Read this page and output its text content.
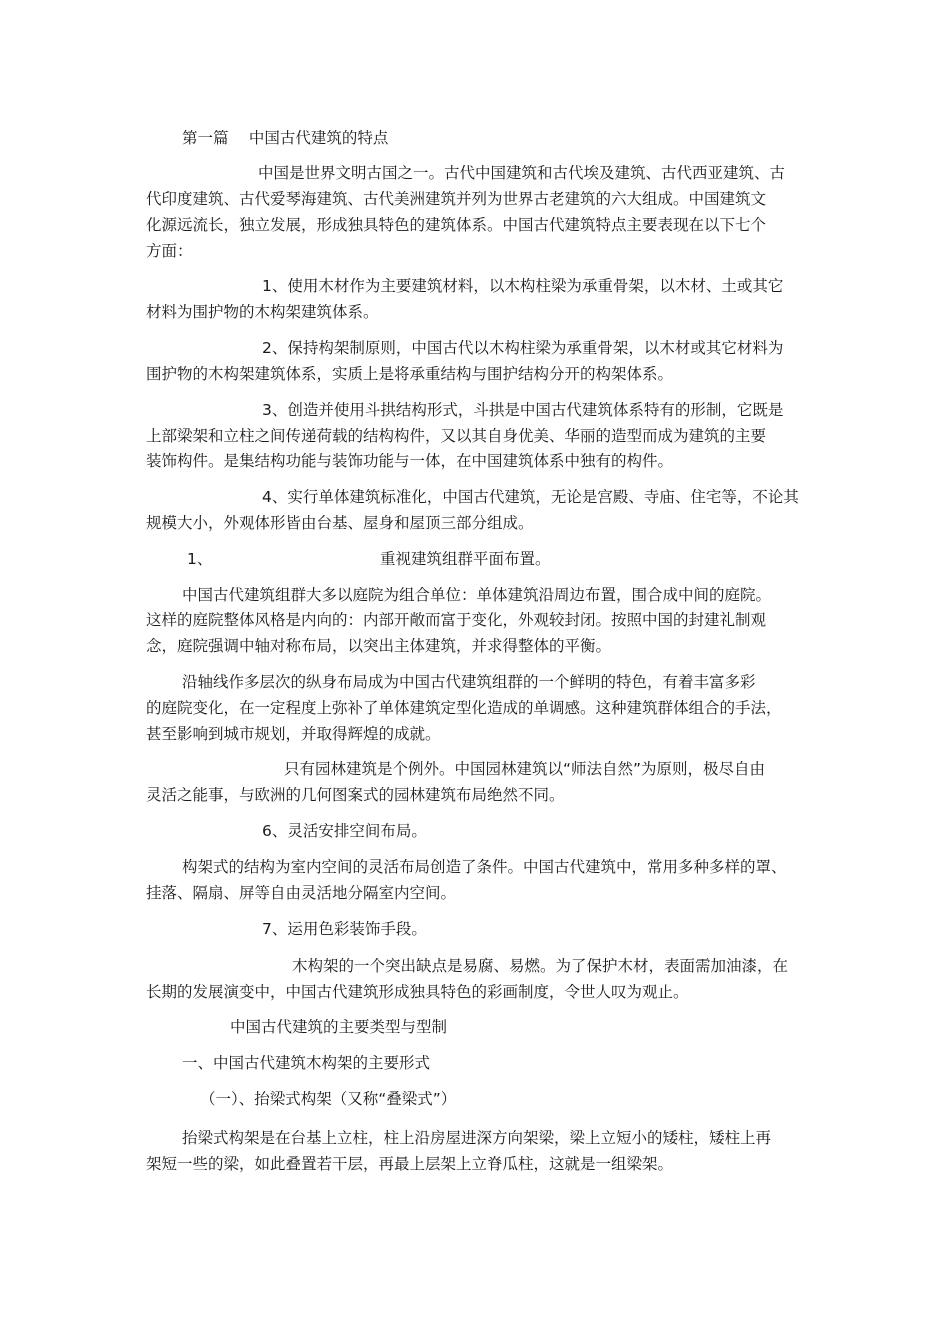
第一篇　 中国古代建筑的特点
中国是世界文明古国之一。古代中国建筑和古代埃及建筑、古代西亚建筑、古
代印度建筑、古代爱琴海建筑、古代美洲建筑并列为世界古老建筑的六大组成。中国建筑文
化源远流长，独立发展，形成独具特色的建筑体系。中国古代建筑特点主要表现在以下七个
方面：
1、使用木材作为主要建筑材料，以木构柱梁为承重骨架，以木材、土或其它
材料为围护物的木构架建筑体系。
2、保持构架制原则，中国古代以木构柱梁为承重骨架，以木材或其它材料为
围护物的木构架建筑体系，实质上是将承重结构与围护结构分开的构架体系。
3、创造并使用斗拱结构形式，斗拱是中国古代建筑体系特有的形制，它既是
上部梁架和立柱之间传递荷载的结构构件，又以其自身优美、华丽的造型而成为建筑的主要
装饰构件。是集结构功能与装饰功能与一体，在中国建筑体系中独有的构件。
4、实行单体建筑标准化，中国古代建筑，无论是宫殿、寺庙、住宅等，不论其
规模大小，外观体形皆由台基、屋身和屋顶三部分组成。
1、	重视建筑组群平面布置。
中国古代建筑组群大多以庭院为组合单位：单体建筑沿周边布置，围合成中间的庭院。
这样的庭院整体风格是内向的：内部开敞而富于变化，外观较封闭。按照中国的封建礼制观
念，庭院强调中轴对称布局，以突出主体建筑，并求得整体的平衡。
沿轴线作多层次的纵身布局成为中国古代建筑组群的一个鲜明的特色，有着丰富多彩
的庭院变化，在一定程度上弥补了单体建筑定型化造成的单调感。这种建筑群体组合的手法，
甚至影响到城市规划，并取得辉煌的成就。
只有园林建筑是个例外。中国园林建筑以“师法自然”为原则，极尽自由
灵活之能事，与欧洲的几何图案式的园林建筑布局绝然不同。
6、灵活安排空间布局。
构架式的结构为室内空间的灵活布局创造了条件。中国古代建筑中，常用多种多样的罩、
挂落、隔扇、屏等自由灵活地分隔室内空间。
7、运用色彩装饰手段。
木构架的一个突出缺点是易腐、易燃。为了保护木材，表面需加油漆，在
长期的发展演变中，中国古代建筑形成独具特色的彩画制度，令世人叹为观止。
中国古代建筑的主要类型与型制
一、中国古代建筑木构架的主要形式
（一）、抬梁式构架（又称“叠梁式”）
抬梁式构架是在台基上立柱，柱上沿房屋进深方向架梁，梁上立短小的矮柱，矮柱上再
架短一些的梁，如此叠置若干层，再最上层架上立脊瓜柱，这就是一组梁架。
